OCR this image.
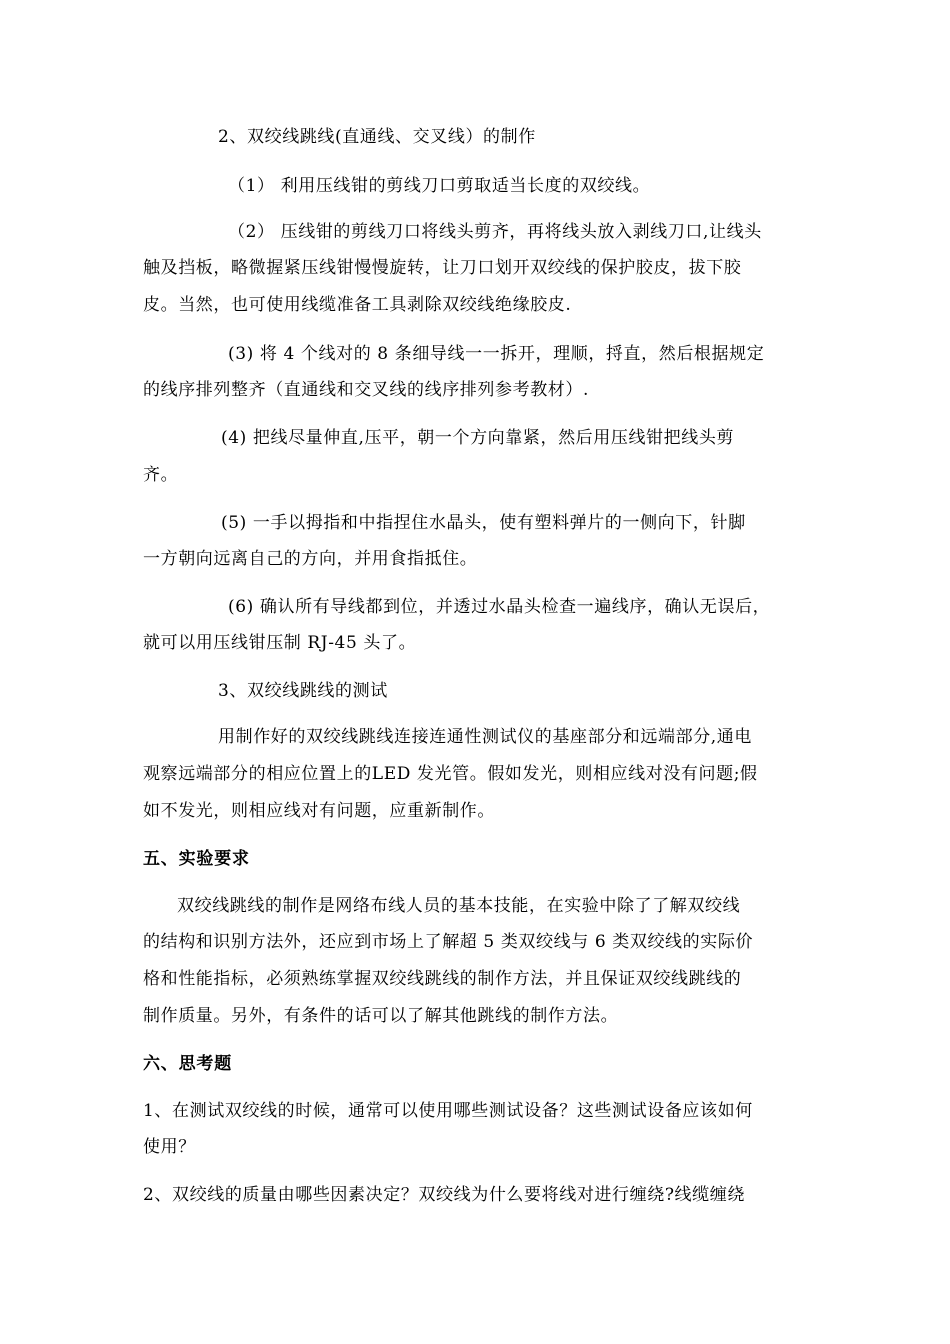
2、双绞线跳线(直通线、交叉线）的制作
（1） 利用压线钳的剪线刀口剪取适当长度的双绞线。
（2） 压线钳的剪线刀口将线头剪齐，再将线头放入剥线刀口,让线头
触及挡板，略微握紧压线钳慢慢旋转，让刀口划开双绞线的保护胶皮，拔下胶
皮。当然，也可使用线缆准备工具剥除双绞线绝缘胶皮.
(3) 将 4 个线对的 8 条细导线一一拆开，理顺，捋直，然后根据规定
的线序排列整齐（直通线和交叉线的线序排列参考教材）.
(4) 把线尽量伸直,压平，朝一个方向靠紧，然后用压线钳把线头剪
齐。
(5) 一手以拇指和中指捏住水晶头，使有塑料弹片的一侧向下，针脚
一方朝向远离自己的方向，并用食指抵住。
(6) 确认所有导线都到位，并透过水晶头检查一遍线序，确认无误后，
就可以用压线钳压制 RJ-45 头了。
3、双绞线跳线的测试
用制作好的双绞线跳线连接连通性测试仪的基座部分和远端部分,通电
观察远端部分的相应位置上的LED 发光管。假如发光，则相应线对没有问题;假
如不发光，则相应线对有问题，应重新制作。
五、实验要求
双绞线跳线的制作是网络布线人员的基本技能，在实验中除了了解双绞线
的结构和识别方法外，还应到市场上了解超 5 类双绞线与 6 类双绞线的实际价
格和性能指标，必须熟练掌握双绞线跳线的制作方法，并且保证双绞线跳线的
制作质量。另外，有条件的话可以了解其他跳线的制作方法。
六、思考题
1、在测试双绞线的时候，通常可以使用哪些测试设备？这些测试设备应该如何
使用？
2、双绞线的质量由哪些因素决定？双绞线为什么要将线对进行缠绕?线缆缠绕
